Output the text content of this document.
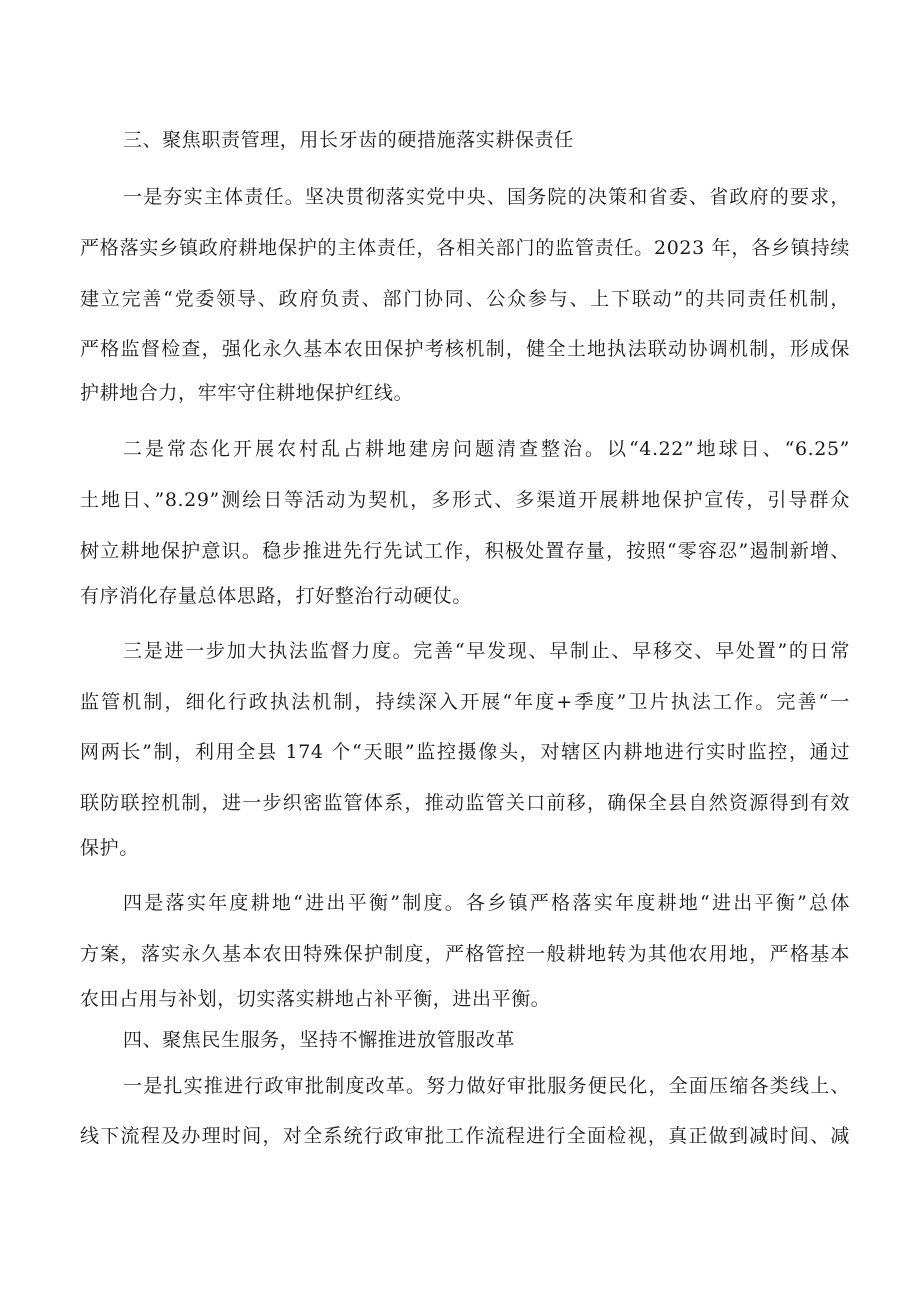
三、聚焦职责管理，用长牙齿的硬措施落实耕保责任
一是夯实主体责任。坚决贯彻落实党中央、国务院的决策和省委、省政府的要求，
严格落实乡镇政府耕地保护的主体责任，各相关部门的监管责任。2023 年，各乡镇持续
建立完善“党委领导、政府负责、部门协同、公众参与、上下联动”的共同责任机制，
严格监督检查，强化永久基本农田保护考核机制，健全土地执法联动协调机制，形成保
护耕地合力，牢牢守住耕地保护红线。
二是常态化开展农村乱占耕地建房问题清查整治。以“4.22”地球日、“6.25”
土地日、”8.29”测绘日等活动为契机，多形式、多渠道开展耕地保护宣传，引导群众
树立耕地保护意识。稳步推进先行先试工作，积极处置存量，按照“零容忍”遏制新增、
有序消化存量总体思路，打好整治行动硬仗。
三是进一步加大执法监督力度。完善“早发现、早制止、早移交、早处置”的日常
监管机制，细化行政执法机制，持续深入开展“年度+季度”卫片执法工作。完善“一
网两长”制，利用全县 174 个“天眼”监控摄像头，对辖区内耕地进行实时监控，通过
联防联控机制，进一步织密监管体系，推动监管关口前移，确保全县自然资源得到有效
保护。
四是落实年度耕地“进出平衡”制度。各乡镇严格落实年度耕地“进出平衡”总体
方案，落实永久基本农田特殊保护制度，严格管控一般耕地转为其他农用地，严格基本
农田占用与补划，切实落实耕地占补平衡，进出平衡。
四、聚焦民生服务，坚持不懈推进放管服改革
一是扎实推进行政审批制度改革。努力做好审批服务便民化，全面压缩各类线上、
线下流程及办理时间，对全系统行政审批工作流程进行全面检视，真正做到减时间、减
